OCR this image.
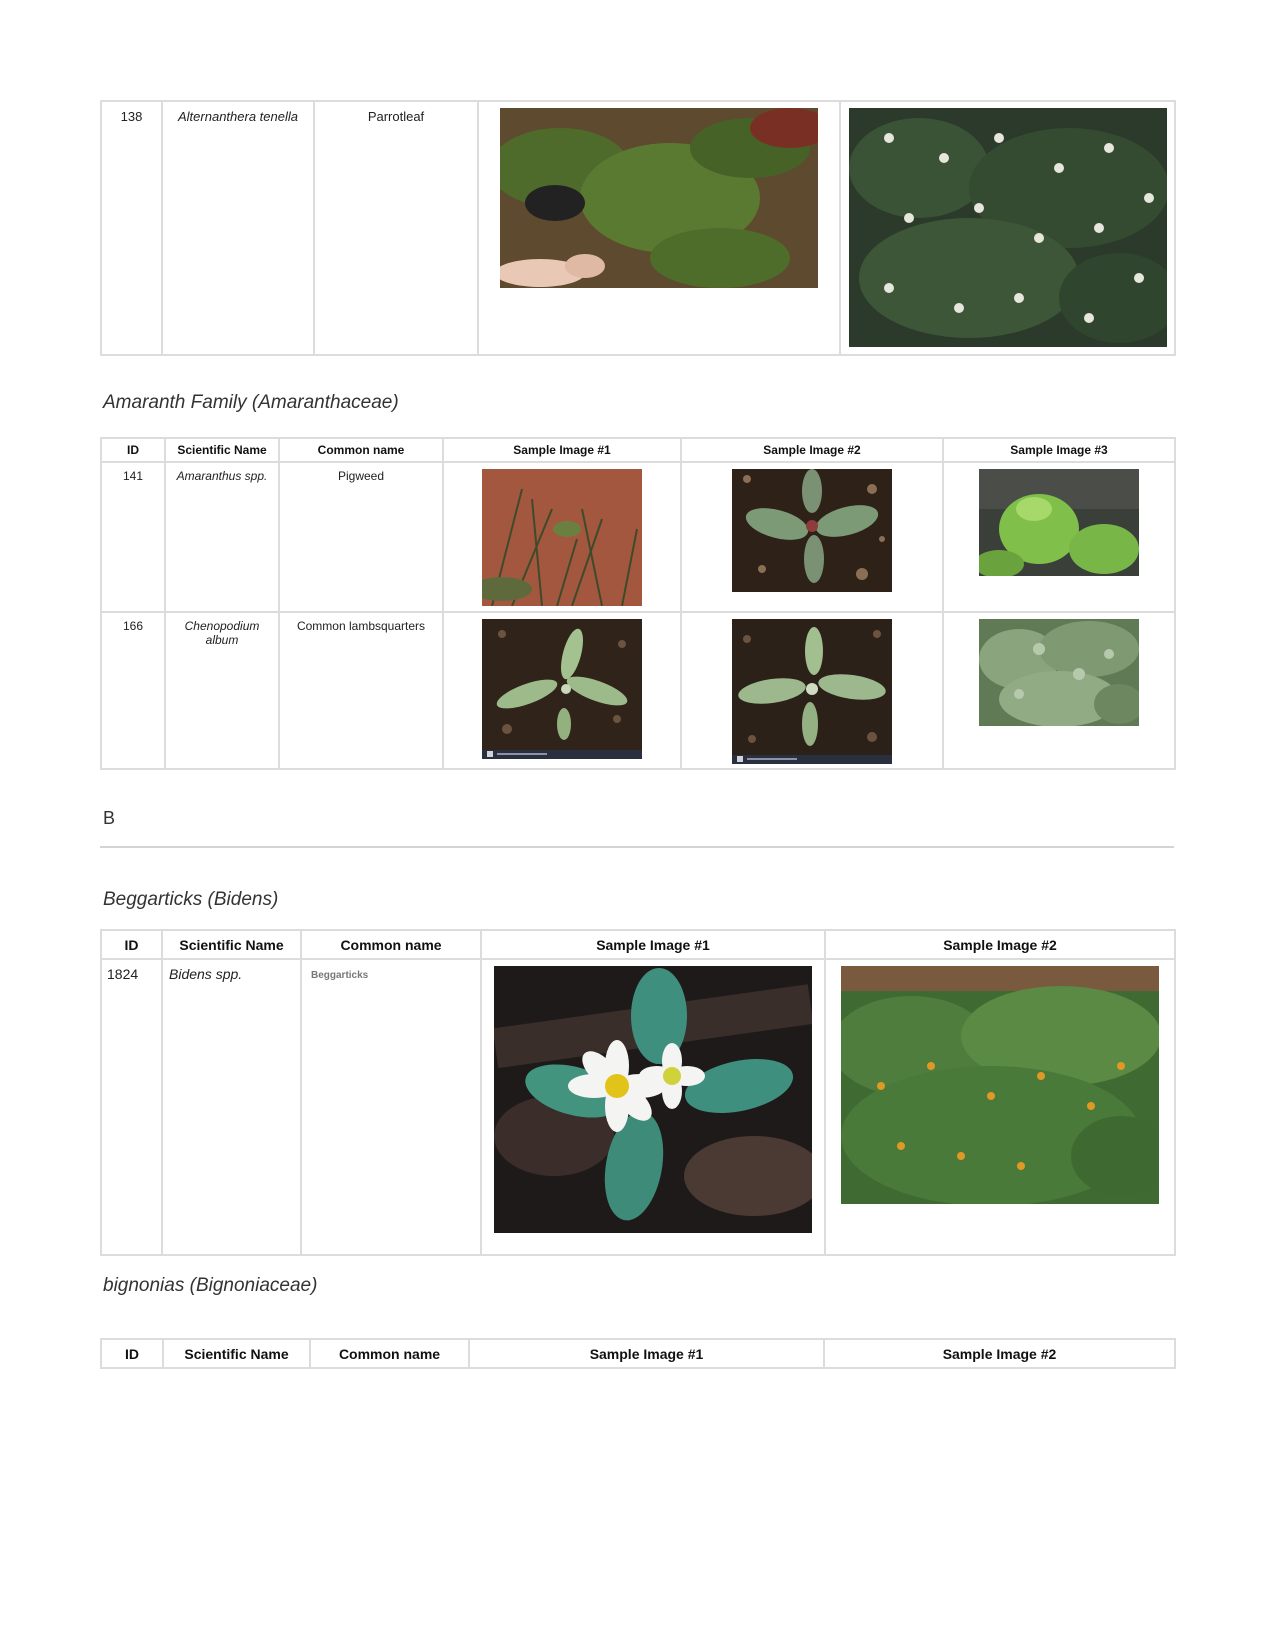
138	Alternanthera tenella	Parrotleaf	

Amaranth Family (Amaranthaceae)
ID	Scientific Name	Common name	Sample Image #1	Sample Image #2	Sample Image #3
141	Amaranthus spp.	Pigweed	

166	Chenopodium album	Common lambsquarters	

B
Beggarticks (Bidens)
ID	Scientific Name	Common name	Sample Image #1	Sample Image #2
1824	Bidens spp.	Beggarticks	

bignonias (Bignoniaceae)
ID	Scientific Name	Common name	Sample Image #1	Sample Image #2
